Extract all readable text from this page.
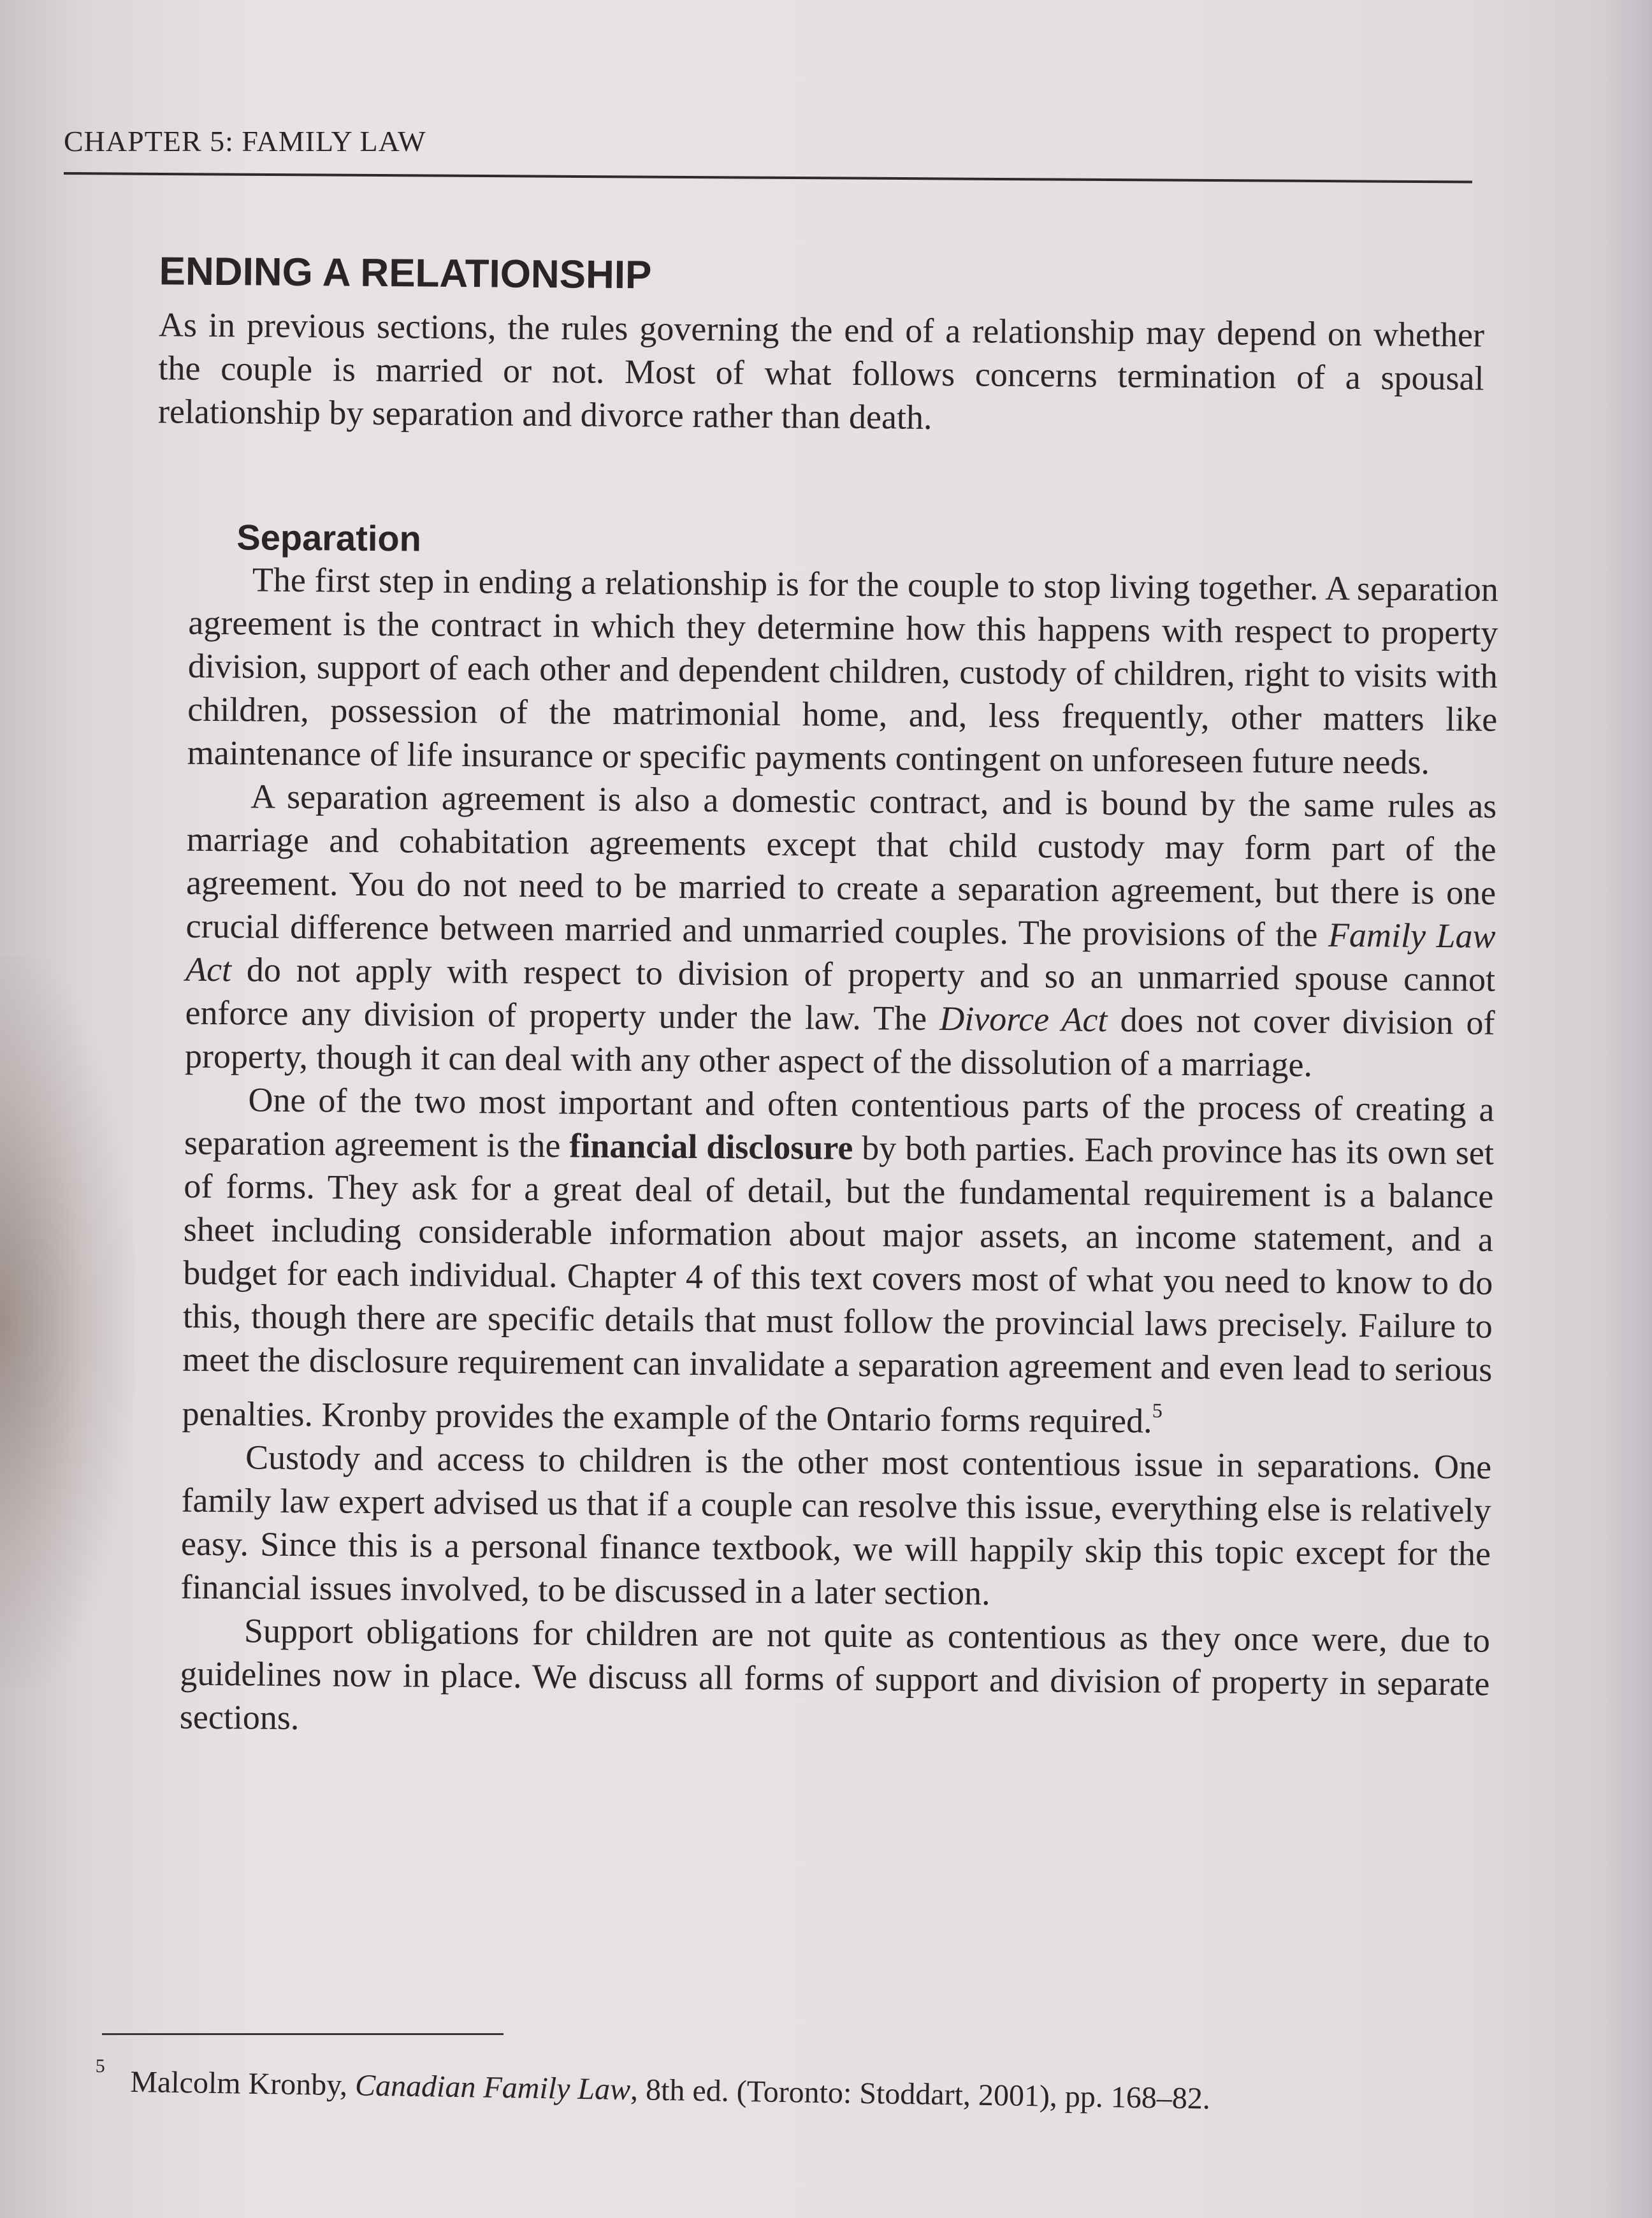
CHAPTER 5: FAMILY LAW
ENDING A RELATIONSHIP

As in previous sections, the rules governing the end of a relationship may depend on whether the couple is married or not. Most of what follows concerns termination of a spousal relationship by separation and divorce rather than death.

Separation

The first step in ending a relationship is for the couple to stop living together. A separation agreement is the contract in which they determine how this happens with respect to property division, support of each other and dependent children, custody of children, right to visits with children, possession of the matrimonial home, and, less frequently, other matters like maintenance of life insurance or specific payments contingent on unforeseen future needs.

A separation agreement is also a domestic contract, and is bound by the same rules as marriage and cohabitation agreements except that child custody may form part of the agreement. You do not need to be married to create a separation agreement, but there is one crucial difference between married and unmarried couples. The provisions of the Family Law Act do not apply with respect to division of property and so an unmarried spouse cannot enforce any division of property under the law. The Divorce Act does not cover division of property, though it can deal with any other aspect of the dissolution of a marriage.

One of the two most important and often contentious parts of the process of creating a separation agreement is the financial disclosure by both parties. Each province has its own set of forms. They ask for a great deal of detail, but the fundamental requirement is a balance sheet including considerable information about major assets, an income statement, and a budget for each individual. Chapter 4 of this text covers most of what you need to know to do this, though there are specific details that must follow the provincial laws precisely. Failure to meet the disclosure requirement can invalidate a separation agreement and even lead to serious penalties. Kronby provides the example of the Ontario forms required.$^5$

Custody and access to children is the other most contentious issue in separations. One family law expert advised us that if a couple can resolve this issue, everything else is relatively easy. Since this is a personal finance textbook, we will happily skip this topic except for the financial issues involved, to be discussed in a later section.

Support obligations for children are not quite as contentious as they once were, due to guidelines now in place. We discuss all forms of support and division of property in separate sections.

$^5$ Malcolm Kronby, Canadian Family Law, 8th ed. (Toronto: Stoddart, 2001), pp. 168–82.
